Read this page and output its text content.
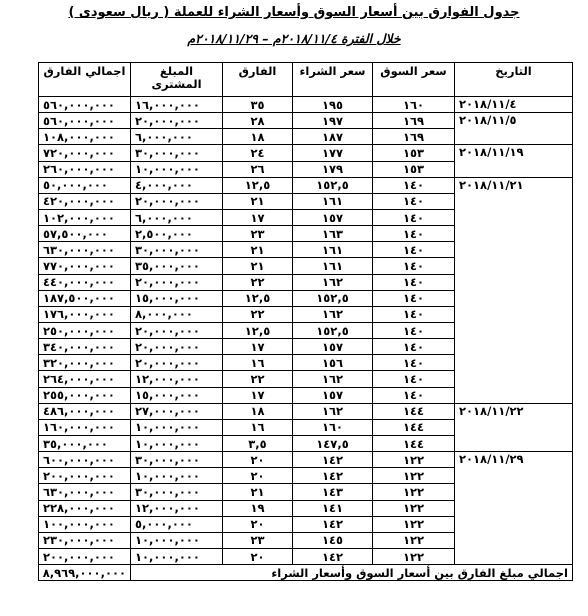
جدول الفوارق بين أسعار السوق وأسعار الشراء للعملة ( ريال سعودى )
خلال الفترة ٢٠١٨/١١/٤م – ٢٠١٨/١١/٢٩م
التاريخ	سعر السوق	سعر الشراء	الفارق	المبلغ المشترى	اجمالي الفارق
٢٠١٨/١١/٤	١٦٠	١٩٥	٣٥	١٦,٠٠٠,٠٠٠	٥٦٠,٠٠٠,٠٠٠
٢٠١٨/١١/٥	١٦٩	١٩٧	٢٨	٢٠,٠٠٠,٠٠٠	٥٦٠,٠٠٠,٠٠٠
	١٦٩	١٨٧	١٨	٦,٠٠٠,٠٠٠	١٠٨,٠٠٠,٠٠٠
٢٠١٨/١١/١٩	١٥٣	١٧٧	٢٤	٣٠,٠٠٠,٠٠٠	٧٢٠,٠٠٠,٠٠٠
	١٥٣	١٧٩	٢٦	١٠,٠٠٠,٠٠٠	٢٦٠,٠٠٠,٠٠٠
٢٠١٨/١١/٢١	١٤٠	١٥٢,٥	١٢,٥	٤,٠٠٠,٠٠٠	٥٠,٠٠٠,٠٠٠
	١٤٠	١٦١	٢١	٢٠,٠٠٠,٠٠٠	٤٢٠,٠٠٠,٠٠٠
	١٤٠	١٥٧	١٧	٦,٠٠٠,٠٠٠	١٠٢,٠٠٠,٠٠٠
	١٤٠	١٦٣	٢٣	٢,٥٠٠,٠٠٠	٥٧,٥٠٠,٠٠٠
	١٤٠	١٦١	٢١	٣٠,٠٠٠,٠٠٠	٦٣٠,٠٠٠,٠٠٠
	١٤٠	١٦١	٢١	٣٥,٠٠٠,٠٠٠	٧٧٠,٠٠٠,٠٠٠
	١٤٠	١٦٢	٢٢	٢٠,٠٠٠,٠٠٠	٤٤٠,٠٠٠,٠٠٠
	١٤٠	١٥٢,٥	١٢,٥	١٥,٠٠٠,٠٠٠	١٨٧,٥٠٠,٠٠٠
	١٤٠	١٦٢	٢٢	٨,٠٠٠,٠٠٠	١٧٦,٠٠٠,٠٠٠
	١٤٠	١٥٢,٥	١٢,٥	٢٠,٠٠٠,٠٠٠	٢٥٠,٠٠٠,٠٠٠
	١٤٠	١٥٧	١٧	٢٠,٠٠٠,٠٠٠	٣٤٠,٠٠٠,٠٠٠
	١٤٠	١٥٦	١٦	٢٠,٠٠٠,٠٠٠	٣٢٠,٠٠٠,٠٠٠
	١٤٠	١٦٢	٢٢	١٢,٠٠٠,٠٠٠	٢٦٤,٠٠٠,٠٠٠
	١٤٠	١٥٧	١٧	١٥,٠٠٠,٠٠٠	٢٥٥,٠٠٠,٠٠٠
٢٠١٨/١١/٢٢	١٤٤	١٦٢	١٨	٢٧,٠٠٠,٠٠٠	٤٨٦,٠٠٠,٠٠٠
	١٤٤	١٦٠	١٦	١٠,٠٠٠,٠٠٠	١٦٠,٠٠٠,٠٠٠
	١٤٤	١٤٧,٥	٣,٥	١٠,٠٠٠,٠٠٠	٣٥,٠٠٠,٠٠٠
٢٠١٨/١١/٢٩	١٢٢	١٤٢	٢٠	٣٠,٠٠٠,٠٠٠	٦٠٠,٠٠٠,٠٠٠
	١٢٢	١٤٢	٢٠	١٠,٠٠٠,٠٠٠	٢٠٠,٠٠٠,٠٠٠
	١٢٢	١٤٣	٢١	٣٠,٠٠٠,٠٠٠	٦٣٠,٠٠٠,٠٠٠
	١٢٢	١٤١	١٩	١٢,٠٠٠,٠٠٠	٢٢٨,٠٠٠,٠٠٠
	١٢٢	١٤٢	٢٠	٥,٠٠٠,٠٠٠	١٠٠,٠٠٠,٠٠٠
	١٢٢	١٤٥	٢٣	١٠,٠٠٠,٠٠٠	٢٣٠,٠٠٠,٠٠٠
	١٢٢	١٤٢	٢٠	١٠,٠٠٠,٠٠٠	٢٠٠,٠٠٠,٠٠٠
اجمالي مبلغ الفارق بين أسعار السوق وأسعار الشراء					٨,٩٦٩,٠٠٠,٠٠٠
